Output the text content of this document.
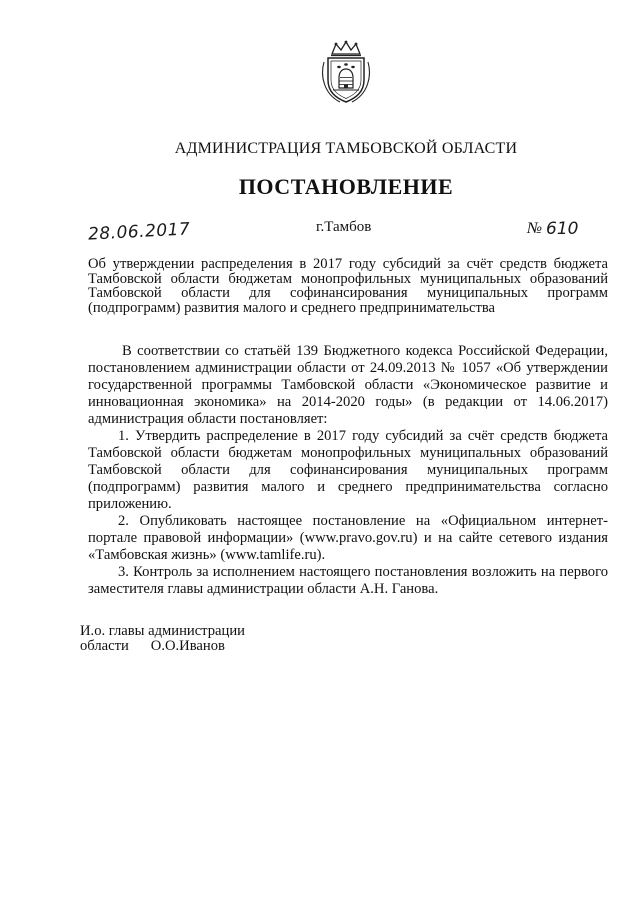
АДМИНИСТРАЦИЯ ТАМБОВСКОЙ ОБЛАСТИ
ПОСТАНОВЛЕНИЕ
28.06.2017	г.Тамбов	№ 610
Об утверждении распределения в 2017 году субсидий за счёт средств бюджета Тамбовской области бюджетам монопрофильных муниципальных образований Тамбовской области для софинансирования муниципальных программ (подпрограмм) развития малого и среднего предпринимательства

В соответствии со статьёй 139 Бюджетного кодекса Российской Федерации, постановлением администрации области от 24.09.2013 № 1057 «Об утверждении государственной программы Тамбовской области «Экономическое развитие и инновационная экономика» на 2014-2020 годы» (в редакции от 14.06.2017) администрация области постановляет:

1. Утвердить распределение в 2017 году субсидий за счёт средств бюджета Тамбовской области бюджетам монопрофильных муниципальных образований Тамбовской области для софинансирования муниципальных программ (подпрограмм) развития малого и среднего предпринимательства согласно приложению.

2. Опубликовать настоящее постановление на «Официальном интернет-портале правовой информации» (www.pravo.gov.ru) и на сайте сетевого издания «Тамбовская жизнь» (www.tamlife.ru).

3. Контроль за исполнением настоящего постановления возложить на первого заместителя главы администрации области А.Н. Ганова.

И.о. главы администрации
области О.О.Иванов
